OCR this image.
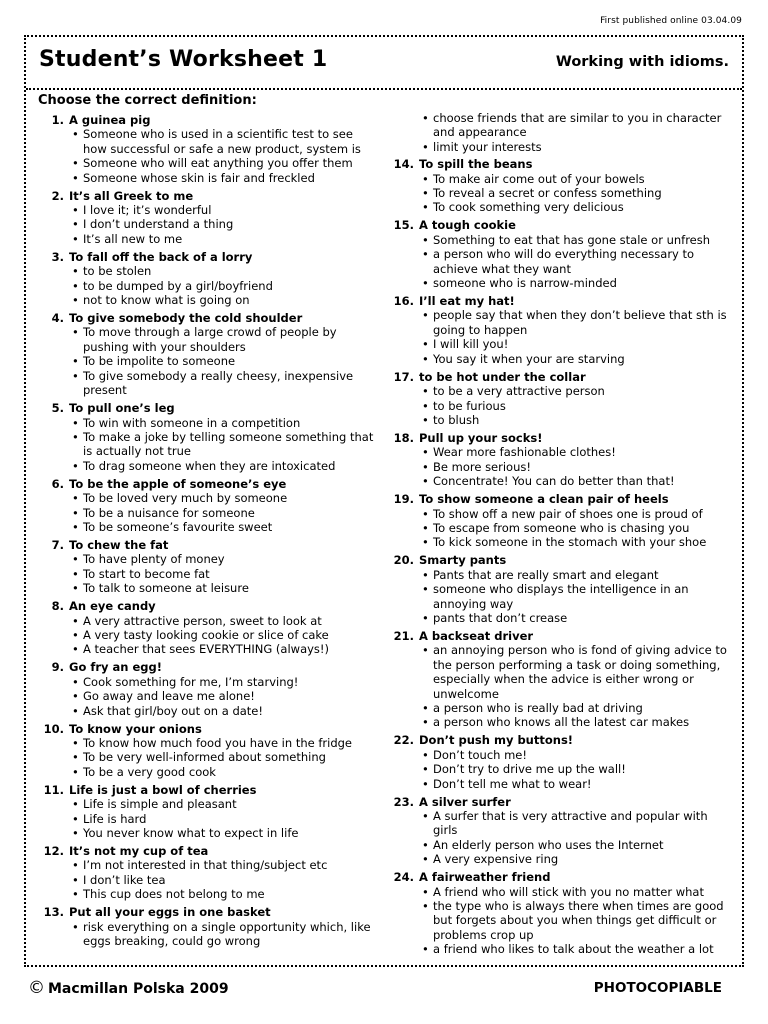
First published online 03.04.09
Student’s Worksheet 1	Working with idioms.
Choose the correct definition:
1. A guinea pig
• Someone who is used in a scientific test to see how successful or safe a new product, system is
• Someone who will eat anything you offer them
• Someone whose skin is fair and freckled
2. It’s all Greek to me
• I love it; it’s wonderful
• I don’t understand a thing
• It’s all new to me
3. To fall off the back of a lorry
• to be stolen
• to be dumped by a girl/boyfriend
• not to know what is going on
4. To give somebody the cold shoulder
• To move through a large crowd of people by pushing with your shoulders
• To be impolite to someone
• To give somebody a really cheesy, inexpensive present
5. To pull one’s leg
• To win with someone in a competition
• To make a joke by telling someone something that is actually not true
• To drag someone when they are intoxicated
6. To be the apple of someone’s eye
• To be loved very much by someone
• To be a nuisance for someone
• To be someone’s favourite sweet
7. To chew the fat
• To have plenty of money
• To start to become fat
• To talk to someone at leisure
8. An eye candy
• A very attractive person, sweet to look at
• A very tasty looking cookie or slice of cake
• A teacher that sees EVERYTHING (always!)
9. Go fry an egg!
• Cook something for me, I’m starving!
• Go away and leave me alone!
• Ask that girl/boy out on a date!
10. To know your onions
• To know how much food you have in the fridge
• To be very well-informed about something
• To be a very good cook
11. Life is just a bowl of cherries
• Life is simple and pleasant
• Life is hard
• You never know what to expect in life
12. It’s not my cup of tea
• I’m not interested in that thing/subject etc
• I don’t like tea
• This cup does not belong to me
13. Put all your eggs in one basket
• risk everything on a single opportunity which, like eggs breaking, could go wrong
• choose friends that are similar to you in character and appearance
• limit your interests
14. To spill the beans
• To make air come out of your bowels
• To reveal a secret or confess something
• To cook something very delicious
15. A tough cookie
• Something to eat that has gone stale or unfresh
• a person who will do everything necessary to achieve what they want
• someone who is narrow-minded
16. I’ll eat my hat!
• people say that when they don’t believe that sth is going to happen
• I will kill you!
• You say it when your are starving
17. to be hot under the collar
• to be a very attractive person
• to be furious
• to blush
18. Pull up your socks!
• Wear more fashionable clothes!
• Be more serious!
• Concentrate! You can do better than that!
19. To show someone a clean pair of heels
• To show off a new pair of shoes one is proud of
• To escape from someone who is chasing you
• To kick someone in the stomach with your shoe
20. Smarty pants
• Pants that are really smart and elegant
• someone who displays the intelligence in an annoying way
• pants that don’t crease
21. A backseat driver
• an annoying person who is fond of giving advice to the person performing a task or doing something, especially when the advice is either wrong or unwelcome
• a person who is really bad at driving
• a person who knows all the latest car makes
22. Don’t push my buttons!
• Don’t touch me!
• Don’t try to drive me up the wall!
• Don’t tell me what to wear!
23. A silver surfer
• A surfer that is very attractive and popular with girls
• An elderly person who uses the Internet
• A very expensive ring
24. A fairweather friend
• A friend who will stick with you no matter what
• the type who is always there when times are good but forgets about you when things get difficult or problems crop up
• a friend who likes to talk about the weather a lot
© Macmillan Polska 2009	PHOTOCOPIABLE
